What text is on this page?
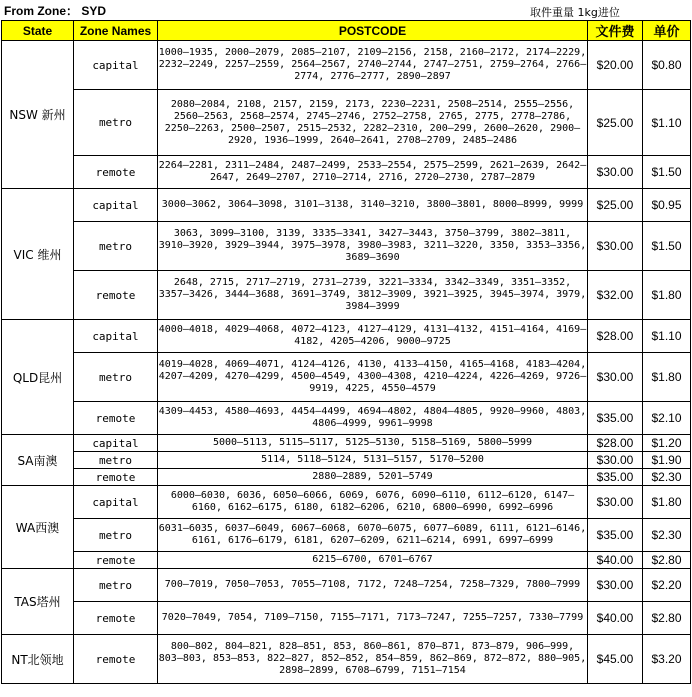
From Zone： SYD	取件重量 1kg进位
State	Zone Names	POSTCODE	文件费	单价
NSW 新州	capital	1000–1935, 2000–2079, 2085–2107, 2109–2156, 2158, 2160–2172, 2174–2229, 2232–2249, 2257–2559, 2564–2567, 2740–2744, 2747–2751, 2759–2764, 2766–2774, 2776–2777, 2890–2897	$20.00	$0.80
	metro	2080–2084, 2108, 2157, 2159, 2173, 2230–2231, 2508–2514, 2555–2556, 2560–2563, 2568–2574, 2745–2746, 2752–2758, 2765, 2775, 2778–2786, 2250–2263, 2500–2507, 2515–2532, 2282–2310, 200–299, 2600–2620, 2900–2920, 1936–1999, 2640–2641, 2708–2709, 2485–2486	$25.00	$1.10
	remote	2264–2281, 2311–2484, 2487–2499, 2533–2554, 2575–2599, 2621–2639, 2642–2647, 2649–2707, 2710–2714, 2716, 2720–2730, 2787–2879	$30.00	$1.50
VIC 维州	capital	3000–3062, 3064–3098, 3101–3138, 3140–3210, 3800–3801, 8000–8999, 9999	$25.00	$0.95
	metro	3063, 3099–3100, 3139, 3335–3341, 3427–3443, 3750–3799, 3802–3811, 3910–3920, 3929–3944, 3975–3978, 3980–3983, 3211–3220, 3350, 3353–3356, 3689–3690	$30.00	$1.50
	remote	2648, 2715, 2717–2719, 2731–2739, 3221–3334, 3342–3349, 3351–3352, 3357–3426, 3444–3688, 3691–3749, 3812–3909, 3921–3925, 3945–3974, 3979, 3984–3999	$32.00	$1.80
QLD昆州	capital	4000–4018, 4029–4068, 4072–4123, 4127–4129, 4131–4132, 4151–4164, 4169–4182, 4205–4206, 9000–9725	$28.00	$1.10
	metro	4019–4028, 4069–4071, 4124–4126, 4130, 4133–4150, 4165–4168, 4183–4204, 4207–4209, 4270–4299, 4500–4549, 4300–4308, 4210–4224, 4226–4269, 9726–9919, 4225, 4550–4579	$30.00	$1.80
	remote	4309–4453, 4580–4693, 4454–4499, 4694–4802, 4804–4805, 9920–9960, 4803, 4806–4999, 9961–9998	$35.00	$2.10
SA南澳	capital	5000–5113, 5115–5117, 5125–5130, 5158–5169, 5800–5999	$28.00	$1.20
	metro	5114, 5118–5124, 5131–5157, 5170–5200	$30.00	$1.90
	remote	2880–2889, 5201–5749	$35.00	$2.30
WA西澳	capital	6000–6030, 6036, 6050–6066, 6069, 6076, 6090–6110, 6112–6120, 6147–6160, 6162–6175, 6180, 6182–6206, 6210, 6800–6990, 6992–6996	$30.00	$1.80
	metro	6031–6035, 6037–6049, 6067–6068, 6070–6075, 6077–6089, 6111, 6121–6146, 6161, 6176–6179, 6181, 6207–6209, 6211–6214, 6991, 6997–6999	$35.00	$2.30
	remote	6215–6700, 6701–6767	$40.00	$2.80
TAS塔州	metro	700–7019, 7050–7053, 7055–7108, 7172, 7248–7254, 7258–7329, 7800–7999	$30.00	$2.20
	remote	7020–7049, 7054, 7109–7150, 7155–7171, 7173–7247, 7255–7257, 7330–7799	$40.00	$2.80
NT北领地	remote	800–802, 804–821, 828–851, 853, 860–861, 870–871, 873–879, 906–999, 803–803, 853–853, 822–827, 852–852, 854–859, 862–869, 872–872, 880–905, 2898–2899, 6708–6799, 7151–7154	$45.00	$3.20
